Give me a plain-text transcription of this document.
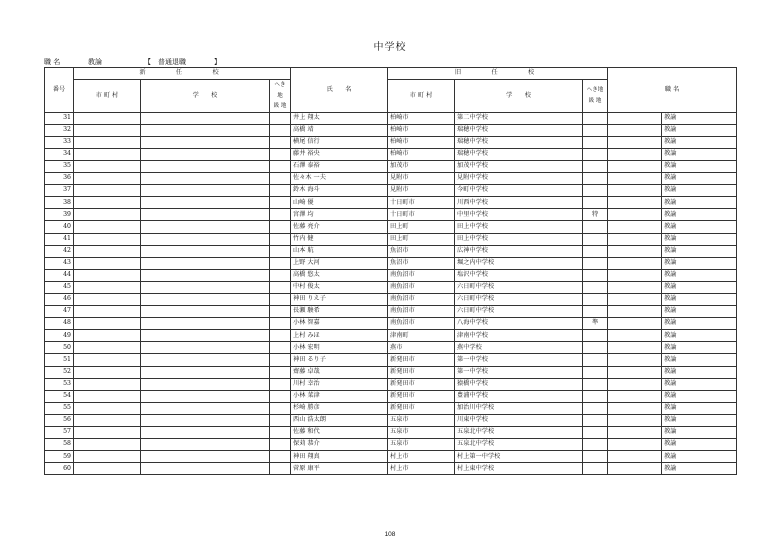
中学校
職 名	教論	【	普通退職	】
番号	新　　任　　校			氏　　名	旧　　任　　校			職 名	
	市 町 村	学　　校	へき地
級 地		市 町 村	学　　校	へき地
級 地		
31				井上 翔太	柏崎市	第二中学校			教諭
32				高橋 靖	柏崎市	瑞穂中学校			教諭
33				横尾 信行	柏崎市	瑞穂中学校			教諭
34				藤井 裕央	柏崎市	瑞穂中学校			教論
35				石澤 泰裕	加茂市	加茂中学校			教論
36				佐々木 一夫	見附市	見附中学校			教諭
37				鈴木 海斗	見附市	今町中学校			教諭
38				山崎 優	十日町市	川西中学校			教諭
39				宮澤 均	十日町市	中里中学校	特		教諭
40				佐藤 亮介	田上町	田上中学校			教諭
41				竹内 健	田上町	田上中学校			教論
42				山本 航	魚沼市	広神中学校			教論
43				上野 大河	魚沼市	堀之内中学校			教論
44				高橋 悠太	南魚沼市	塩沢中学校			教諭
45				中村 俊太	南魚沼市	六日町中学校			教諭
46				神田 りえ子	南魚沼市	六日町中学校			教諭
47				長瀬 駿希	南魚沼市	六日町中学校			教諭
48				小林 智嘉	南魚沼市	八海中学校	準		教諭
49				上村 みほ	津南町	津南中学校			教論
50				小林 宏明	燕市	燕中学校			教論
51				神田 るり子	新発田市	第一中学校			教論
52				齋藤 卓哉	新発田市	第一中学校			教諭
53				川村 幸治	新発田市	猿橋中学校			教諭
54				小林 菜津	新発田市	豊浦中学校			教諭
55				杉崎 勝彦	新発田市	加治川中学校			教論
56				西山 浩太朗	五泉市	川東中学校			教論
57				佐藤 和代	五泉市	五泉北中学校			教論
58				保苅 恭介	五泉市	五泉北中学校			教諭
59				神田 翔真	村上市	村上第一中学校			教諭
60				菅原 康平	村上市	村上東中学校			教諭
108
